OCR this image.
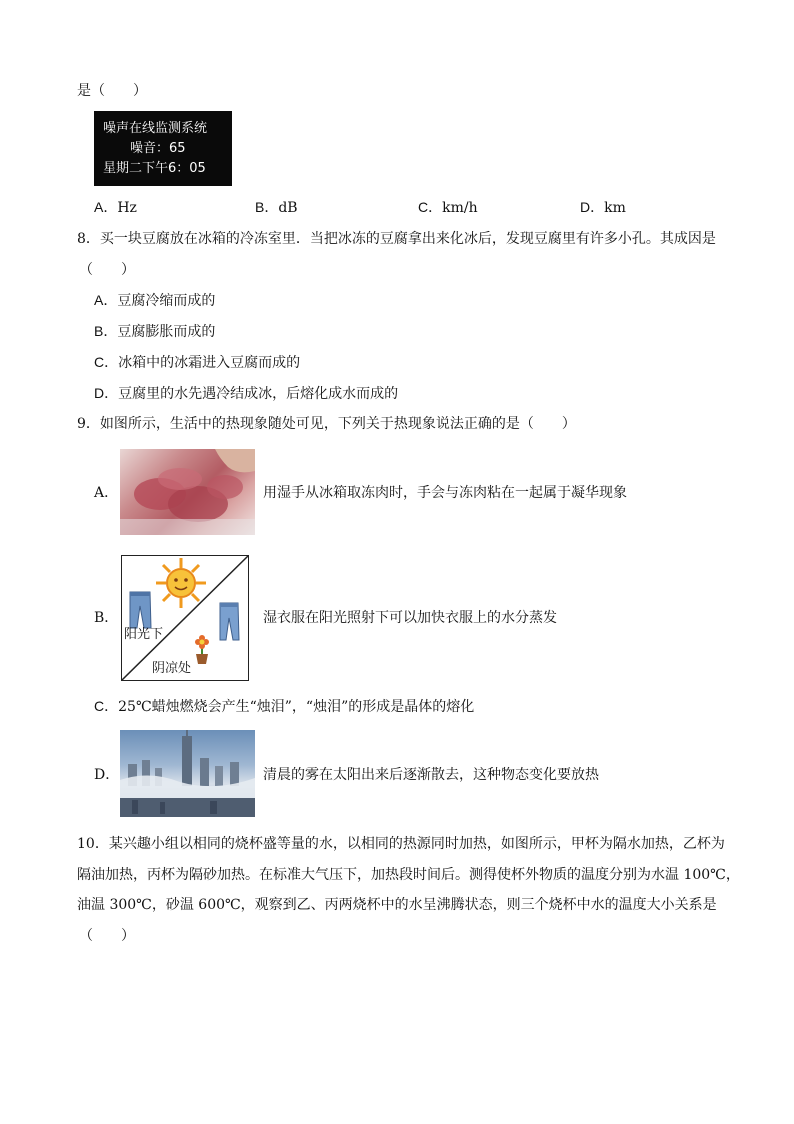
是（　　）
噪声在线监测系统
噪音：65
星期二下午6：05
A．Hz	B．dB	C．km/h	D．km
8．买一块豆腐放在冰箱的冷冻室里．当把冰冻的豆腐拿出来化冰后，发现豆腐里有许多小孔。其成因是
（　　）
A．豆腐冷缩而成的
B．豆腐膨胀而成的
C．冰箱中的冰霜进入豆腐而成的
D．豆腐里的水先遇冷结成冰，后熔化成水而成的
9．如图所示，生活中的热现象随处可见，下列关于热现象说法正确的是（　　）
A．	用湿手从冰箱取冻肉时，手会与冻肉粘在一起属于凝华现象
B．
阳光下
阴凉处
湿衣服在阳光照射下可以加快衣服上的水分蒸发
C．25℃蜡烛燃烧会产生“烛泪”，“烛泪”的形成是晶体的熔化
D．	清晨的雾在太阳出来后逐渐散去，这种物态变化要放热
10．某兴趣小组以相同的烧杯盛等量的水，以相同的热源同时加热，如图所示，甲杯为隔水加热，乙杯为
隔油加热，丙杯为隔砂加热。在标准大气压下，加热段时间后。测得使杯外物质的温度分别为水温 100℃，
油温 300℃，砂温 600℃，观察到乙、丙两烧杯中的水呈沸腾状态，则三个烧杯中水的温度大小关系是
（　　）
